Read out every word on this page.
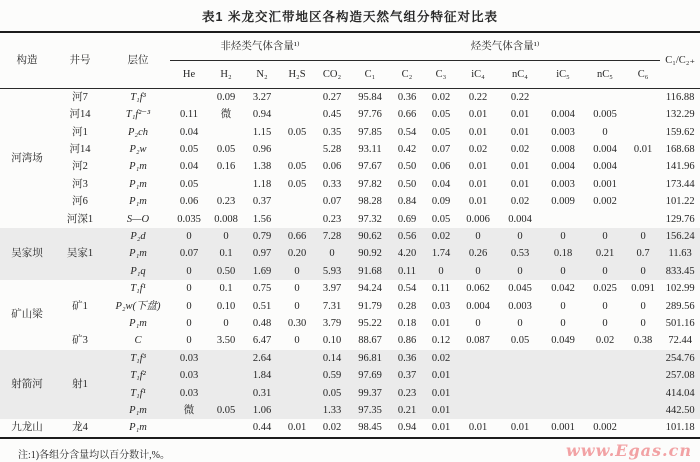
表1 米龙交汇带地区各构造天然气组分特征对比表
构造	井号	层位	非烃类气体含量¹⁾					烃类气体含量¹⁾								C₁/C₂₊
			He	H₂	N₂	H₂S	CO₂	C₁	C₂	C₃	iC₄	nC₄	iC₅	nC₅	C₆	
河湾场	河7	T₁f³		0.09	3.27		0.27	95.84	0.36	0.02	0.22	0.22				116.88
	河14	T₁f²⁻³	0.11	微	0.94		0.45	97.76	0.66	0.05	0.01	0.01	0.004	0.005		132.29
	河1	P₂ch	0.04		1.15	0.05	0.35	97.85	0.54	0.05	0.01	0.01	0.003	0		159.62
	河14	P₂w	0.05	0.05	0.96		5.28	93.11	0.42	0.07	0.02	0.02	0.008	0.004	0.01	168.68
	河2	P₁m	0.04	0.16	1.38	0.05	0.06	97.67	0.50	0.06	0.01	0.01	0.004	0.004		141.96
	河3	P₁m	0.05		1.18	0.05	0.33	97.82	0.50	0.04	0.01	0.01	0.003	0.001		173.44
	河6	P₁m	0.06	0.23	0.37		0.07	98.28	0.84	0.09	0.01	0.02	0.009	0.002		101.22
	河深1	S—O	0.035	0.008	1.56		0.23	97.32	0.69	0.05	0.006	0.004				129.76
吴家坝	吴家1	P₂d	0	0	0.79	0.66	7.28	90.62	0.56	0.02	0	0	0	0	0	156.24
		P₁m	0.07	0.1	0.97	0.20	0	90.92	4.20	1.74	0.26	0.53	0.18	0.21	0.7	11.63
		P₁q	0	0.50	1.69	0	5.93	91.68	0.11	0	0	0	0	0	0	833.45
矿山梁	矿1	T₁f¹	0	0.1	0.75	0	3.97	94.24	0.54	0.11	0.062	0.045	0.042	0.025	0.091	102.99
		P₂w(下盘)	0	0.10	0.51	0	7.31	91.79	0.28	0.03	0.004	0.003	0	0	0	289.56
		P₁m	0	0	0.48	0.30	3.79	95.22	0.18	0.01	0	0	0	0	0	501.16
	矿3	C	0	3.50	6.47	0	0.10	88.67	0.86	0.12	0.087	0.05	0.049	0.02	0.38	72.44
射箭河	射1	T₁f³	0.03		2.64		0.14	96.81	0.36	0.02						254.76
		T₁f²	0.03		1.84		0.59	97.69	0.37	0.01						257.08
		T₁f¹	0.03		0.31		0.05	99.37	0.23	0.01						414.04
		P₁m	微	0.05	1.06		1.33	97.35	0.21	0.01						442.50
九龙山	龙4	P₁m			0.44	0.01	0.02	98.45	0.94	0.01	0.01	0.01	0.001	0.002		101.18
注:1)各组分含量均以百分数计,%。	www.Egas.cn
